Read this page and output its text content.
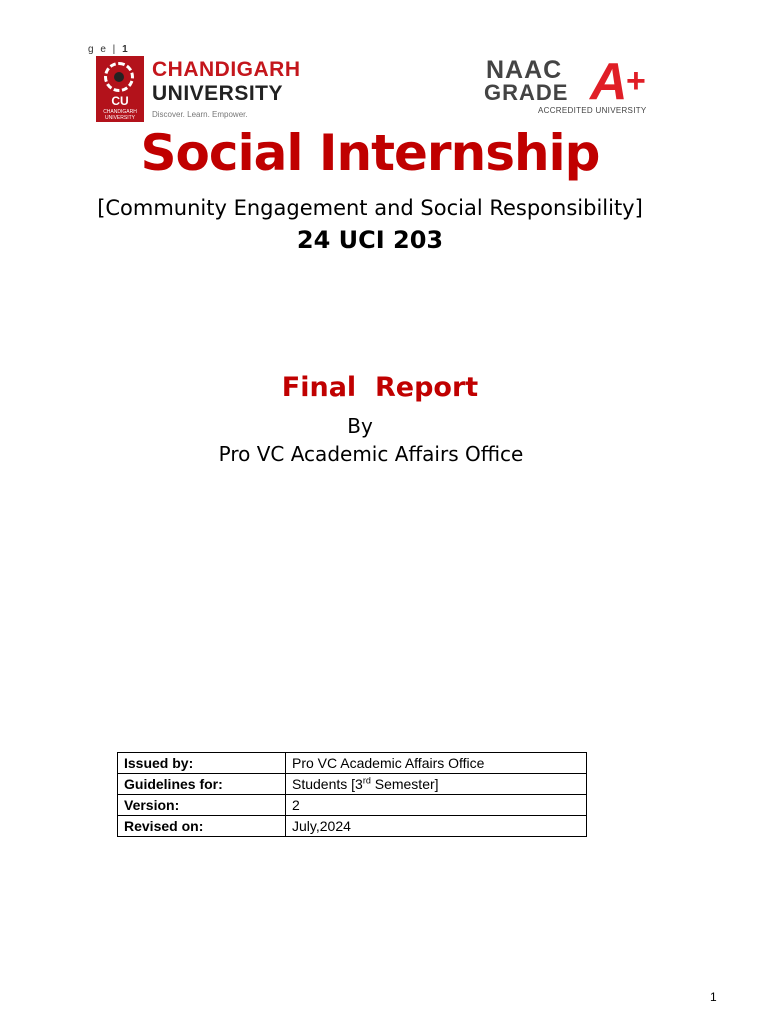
g e | 1
CU
CHANDIGARH UNIVERSITY
CHANDIGARH
UNIVERSITY
Discover. Learn. Empower.
NAAC
GRADE A
+
ACCREDITED UNIVERSITY
Social Internship
[Community Engagement and Social Responsibility]
24 UCI 203
Final  Report
By
Pro VC Academic Affairs Office
Issued by:	Pro VC Academic Affairs Office
Guidelines for:	Students [3rd Semester]
Version:	2
Revised on:	July,2024
1
